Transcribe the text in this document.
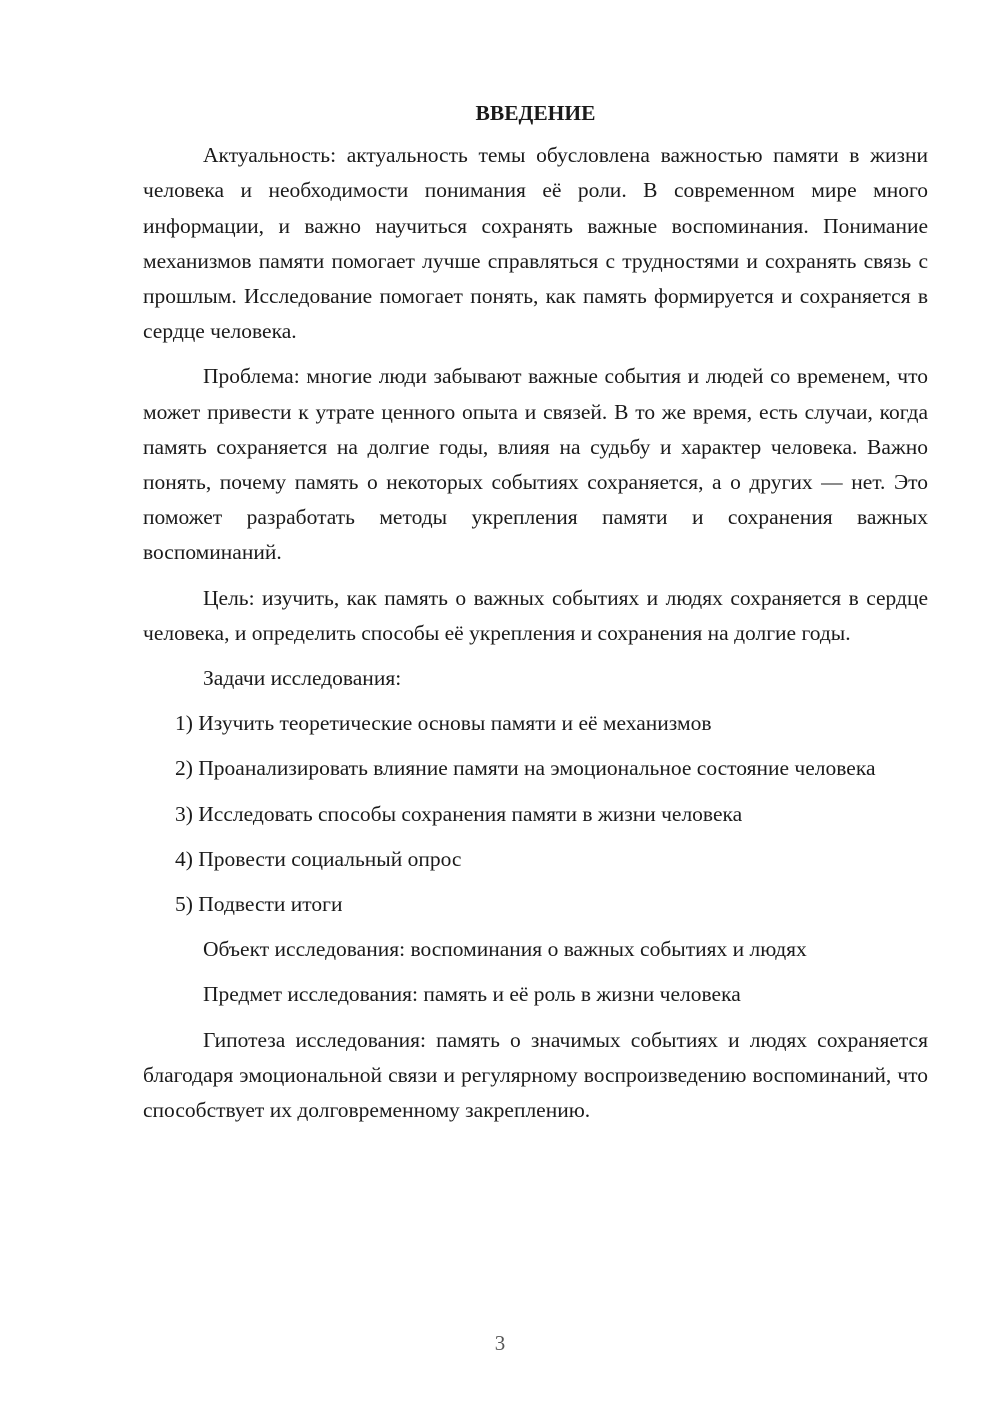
ВВЕДЕНИЕ

Актуальность: актуальность темы обусловлена важностью памяти в жизни человека и необходимости понимания её роли. В современном мире много информации, и важно научиться сохранять важные воспоминания. Понимание механизмов памяти помогает лучше справляться с трудностями и сохранять связь с прошлым. Исследование помогает понять, как память формируется и сохраняется в сердце человека.

Проблема: многие люди забывают важные события и людей со временем, что может привести к утрате ценного опыта и связей. В то же время, есть случаи, когда память сохраняется на долгие годы, влияя на судьбу и характер человека. Важно понять, почему память о некоторых событиях сохраняется, а о других — нет. Это поможет разработать методы укрепления памяти и сохранения важных воспоминаний.

Цель: изучить, как память о важных событиях и людях сохраняется в сердце человека, и определить способы её укрепления и сохранения на долгие годы.

Задачи исследования:

1) Изучить теоретические основы памяти и её механизмов

2) Проанализировать влияние памяти на эмоциональное состояние человека

3) Исследовать способы сохранения памяти в жизни человека

4) Провести социальный опрос

5) Подвести итоги

Объект исследования: воспоминания о важных событиях и людях

Предмет исследования: память и её роль в жизни человека

Гипотеза исследования: память о значимых событиях и людях сохраняется благодаря эмоциональной связи и регулярному воспроизведению воспоминаний, что способствует их долговременному закреплению.

3
